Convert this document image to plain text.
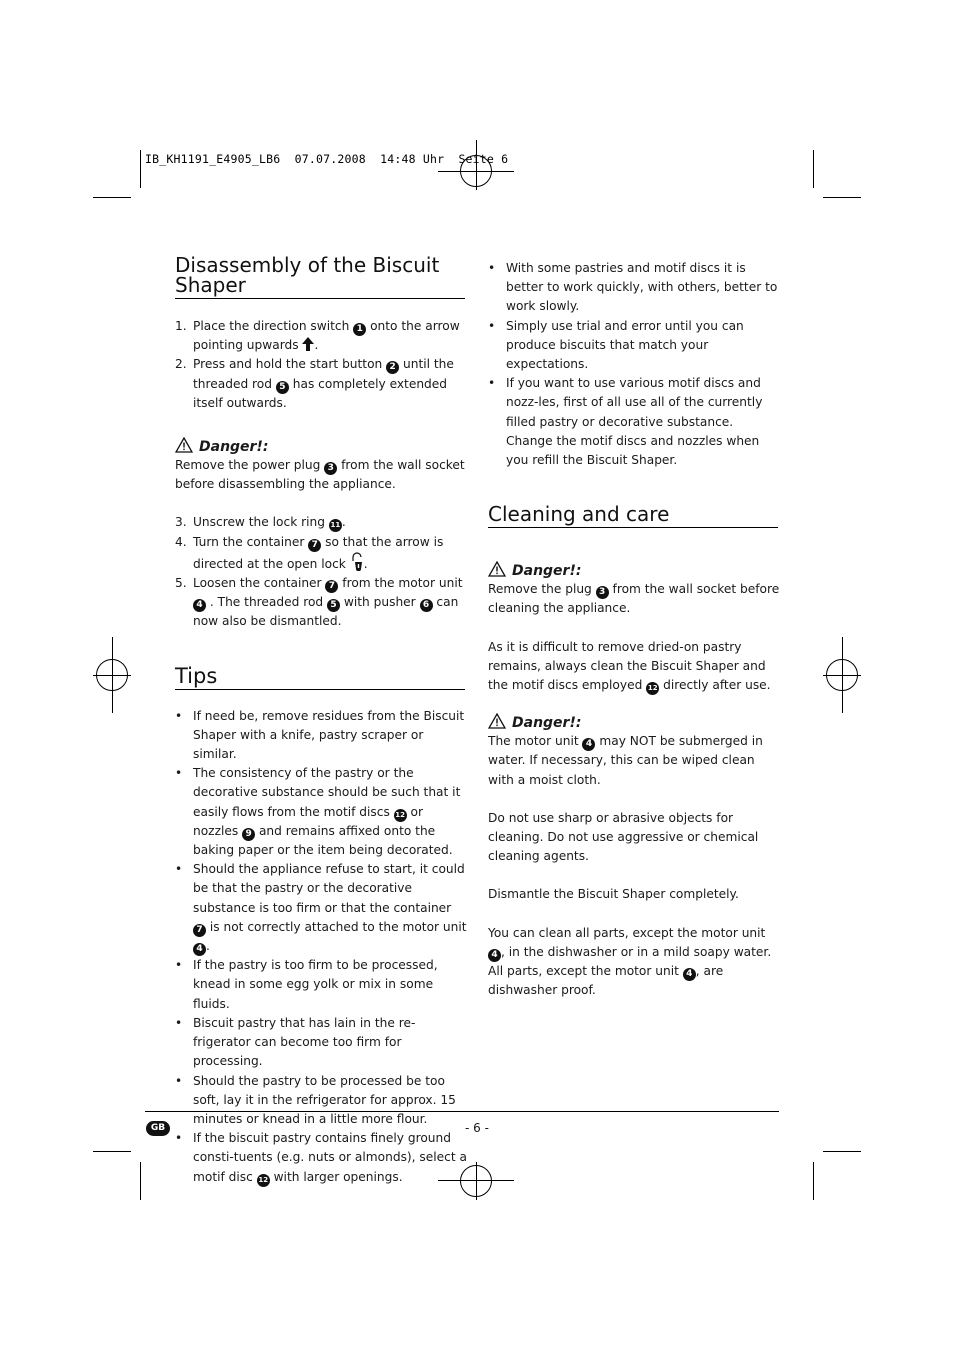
IB_KH1191_E4905_LB6  07.07.2008  14:48 Uhr  Seite 6
Disassembly of the Biscuit Shaper
1. Place the direction switch 1 onto the arrow pointing upwards .
2. Press and hold the start button 2 until the threaded rod 5 has completely extended itself outwards.
Danger!:

Remove the power plug 3 from the wall socket before disassembling the appliance.

3. Unscrew the lock ring 11 .
4. Turn the container 7 so that the arrow is directed at the open lock .
5. Loosen the container 7 from the motor unit 4 . The threaded rod 5 with pusher 6 can now also be dismantled.
Tips
• If need be, remove residues from the Biscuit Shaper with a knife, pastry scraper or similar.
• The consistency of the pastry or the decorative substance should be such that it easily flows from the motif discs 12 or nozzles 9 and remains affixed onto the baking paper or the item being decorated.
• Should the appliance refuse to start, it could be that the pastry or the decorative substance is too firm or that the container 7 is not correctly attached to the motor unit 4 .
• If the pastry is too firm to be processed, knead in some egg yolk or mix in some fluids.
• Biscuit pastry that has lain in the re-frigerator can become too firm for processing.
• Should the pastry to be processed be too soft, lay it in the refrigerator for approx. 15 minutes or knead in a little more flour.
• If the biscuit pastry contains finely ground consti-tuents (e.g. nuts or almonds), select a motif disc 12 with larger openings.
• With some pastries and motif discs it is better to work quickly, with others, better to work slowly.
• Simply use trial and error until you can produce biscuits that match your expectations.
• If you want to use various motif discs and nozz-les, first of all use all of the currently filled pastry or decorative substance. Change the motif discs and nozzles when you refill the Biscuit Shaper.
Cleaning and care
Danger!:

Remove the plug 3 from the wall socket before cleaning the appliance.

As it is difficult to remove dried-on pastry remains, always clean the Biscuit Shaper and the motif discs employed 12 directly after use.

Danger!:

The motor unit 4 may NOT be submerged in water. If necessary, this can be wiped clean with a moist cloth.

Do not use sharp or abrasive objects for cleaning. Do not use aggressive or chemical cleaning agents.

Dismantle the Biscuit Shaper completely.

You can clean all parts, except the motor unit 4 , in the dishwasher or in a mild soapy water. All parts, except the motor unit 4 , are dishwasher proof.

GB	- 6 -
